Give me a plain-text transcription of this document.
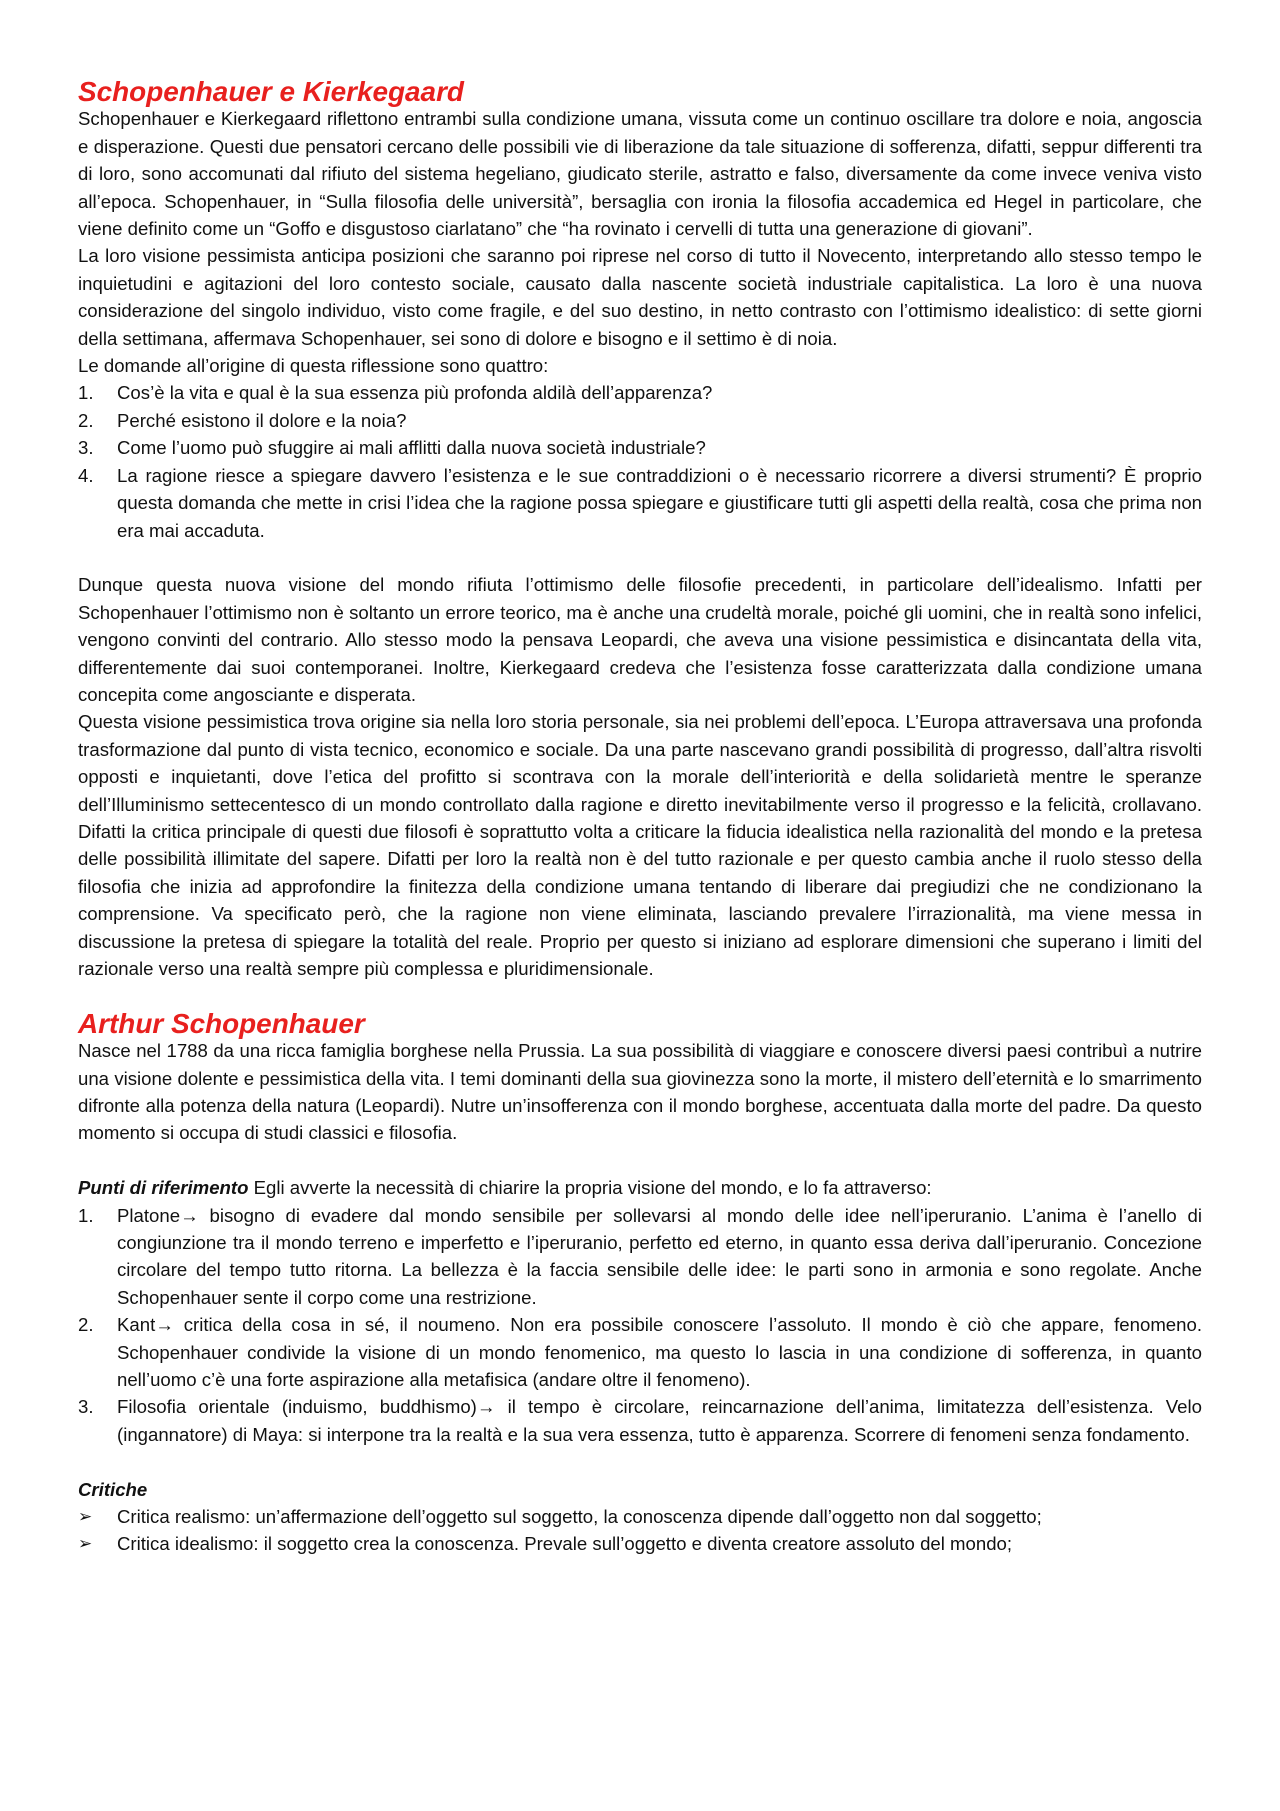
Schopenhauer e Kierkegaard

Schopenhauer e Kierkegaard riflettono entrambi sulla condizione umana, vissuta come un continuo oscillare tra dolore e noia, angoscia e disperazione. Questi due pensatori cercano delle possibili vie di liberazione da tale situazione di sofferenza, difatti, seppur differenti tra di loro, sono accomunati dal rifiuto del sistema hegeliano, giudicato sterile, astratto e falso, diversamente da come invece veniva visto all’epoca. Schopenhauer, in “Sulla filosofia delle università”, bersaglia con ironia la filosofia accademica ed Hegel in particolare, che viene definito come un “Goffo e disgustoso ciarlatano” che “ha rovinato i cervelli di tutta una generazione di giovani”.

La loro visione pessimista anticipa posizioni che saranno poi riprese nel corso di tutto il Novecento, interpretando allo stesso tempo le inquietudini e agitazioni del loro contesto sociale, causato dalla nascente società industriale capitalistica. La loro è una nuova considerazione del singolo individuo, visto come fragile, e del suo destino, in netto contrasto con l’ottimismo idealistico: di sette giorni della settimana, affermava Schopenhauer, sei sono di dolore e bisogno e il settimo è di noia.

Le domande all’origine di questa riflessione sono quattro:

1.	Cos’è la vita e qual è la sua essenza più profonda aldilà dell’apparenza?
2.	Perché esistono il dolore e la noia?
3.	Come l’uomo può sfuggire ai mali afflitti dalla nuova società industriale?
4.	La ragione riesce a spiegare davvero l’esistenza e le sue contraddizioni o è necessario ricorrere a diversi strumenti? È proprio questa domanda che mette in crisi l’idea che la ragione possa spiegare e giustificare tutti gli aspetti della realtà, cosa che prima non era mai accaduta.

Dunque questa nuova visione del mondo rifiuta l’ottimismo delle filosofie precedenti, in particolare dell’idealismo. Infatti per Schopenhauer l’ottimismo non è soltanto un errore teorico, ma è anche una crudeltà morale, poiché gli uomini, che in realtà sono infelici, vengono convinti del contrario. Allo stesso modo la pensava Leopardi, che aveva una visione pessimistica e disincantata della vita, differentemente dai suoi contemporanei. Inoltre, Kierkegaard credeva che l’esistenza fosse caratterizzata dalla condizione umana concepita come angosciante e disperata.

Questa visione pessimistica trova origine sia nella loro storia personale, sia nei problemi dell’epoca. L’Europa attraversava una profonda trasformazione dal punto di vista tecnico, economico e sociale. Da una parte nascevano grandi possibilità di progresso, dall’altra risvolti opposti e inquietanti, dove l’etica del profitto si scontrava con la morale dell’interiorità e della solidarietà mentre le speranze dell’Illuminismo settecentesco di un mondo controllato dalla ragione e diretto inevitabilmente verso il progresso e la felicità, crollavano. Difatti la critica principale di questi due filosofi è soprattutto volta a criticare la fiducia idealistica nella razionalità del mondo e la pretesa delle possibilità illimitate del sapere. Difatti per loro la realtà non è del tutto razionale e per questo cambia anche il ruolo stesso della filosofia che inizia ad approfondire la finitezza della condizione umana tentando di liberare dai pregiudizi che ne condizionano la comprensione. Va specificato però, che la ragione non viene eliminata, lasciando prevalere l’irrazionalità, ma viene messa in discussione la pretesa di spiegare la totalità del reale. Proprio per questo si iniziano ad esplorare dimensioni che superano i limiti del razionale verso una realtà sempre più complessa e pluridimensionale.

Arthur Schopenhauer

Nasce nel 1788 da una ricca famiglia borghese nella Prussia. La sua possibilità di viaggiare e conoscere diversi paesi contribuì a nutrire una visione dolente e pessimistica della vita. I temi dominanti della sua giovinezza sono la morte, il mistero dell’eternità e lo smarrimento difronte alla potenza della natura (Leopardi). Nutre un’insofferenza con il mondo borghese, accentuata dalla morte del padre. Da questo momento si occupa di studi classici e filosofia.

Punti di riferimento Egli avverte la necessità di chiarire la propria visione del mondo, e lo fa attraverso:

1.	Platone→ bisogno di evadere dal mondo sensibile per sollevarsi al mondo delle idee nell’iperuranio. L’anima è l’anello di congiunzione tra il mondo terreno e imperfetto e l’iperuranio, perfetto ed eterno, in quanto essa deriva dall’iperuranio. Concezione circolare del tempo tutto ritorna. La bellezza è la faccia sensibile delle idee: le parti sono in armonia e sono regolate. Anche Schopenhauer sente il corpo come una restrizione.
2.	Kant→ critica della cosa in sé, il noumeno. Non era possibile conoscere l’assoluto. Il mondo è ciò che appare, fenomeno. Schopenhauer condivide la visione di un mondo fenomenico, ma questo lo lascia in una condizione di sofferenza, in quanto nell’uomo c’è una forte aspirazione alla metafisica (andare oltre il fenomeno).
3.	Filosofia orientale (induismo, buddhismo)→ il tempo è circolare, reincarnazione dell’anima, limitatezza dell’esistenza. Velo (ingannatore) di Maya: si interpone tra la realtà e la sua vera essenza, tutto è apparenza. Scorrere di fenomeni senza fondamento.

Critiche

➢	Critica realismo: un’affermazione dell’oggetto sul soggetto, la conoscenza dipende dall’oggetto non dal soggetto;
➢	Critica idealismo: il soggetto crea la conoscenza. Prevale sull’oggetto e diventa creatore assoluto del mondo;
